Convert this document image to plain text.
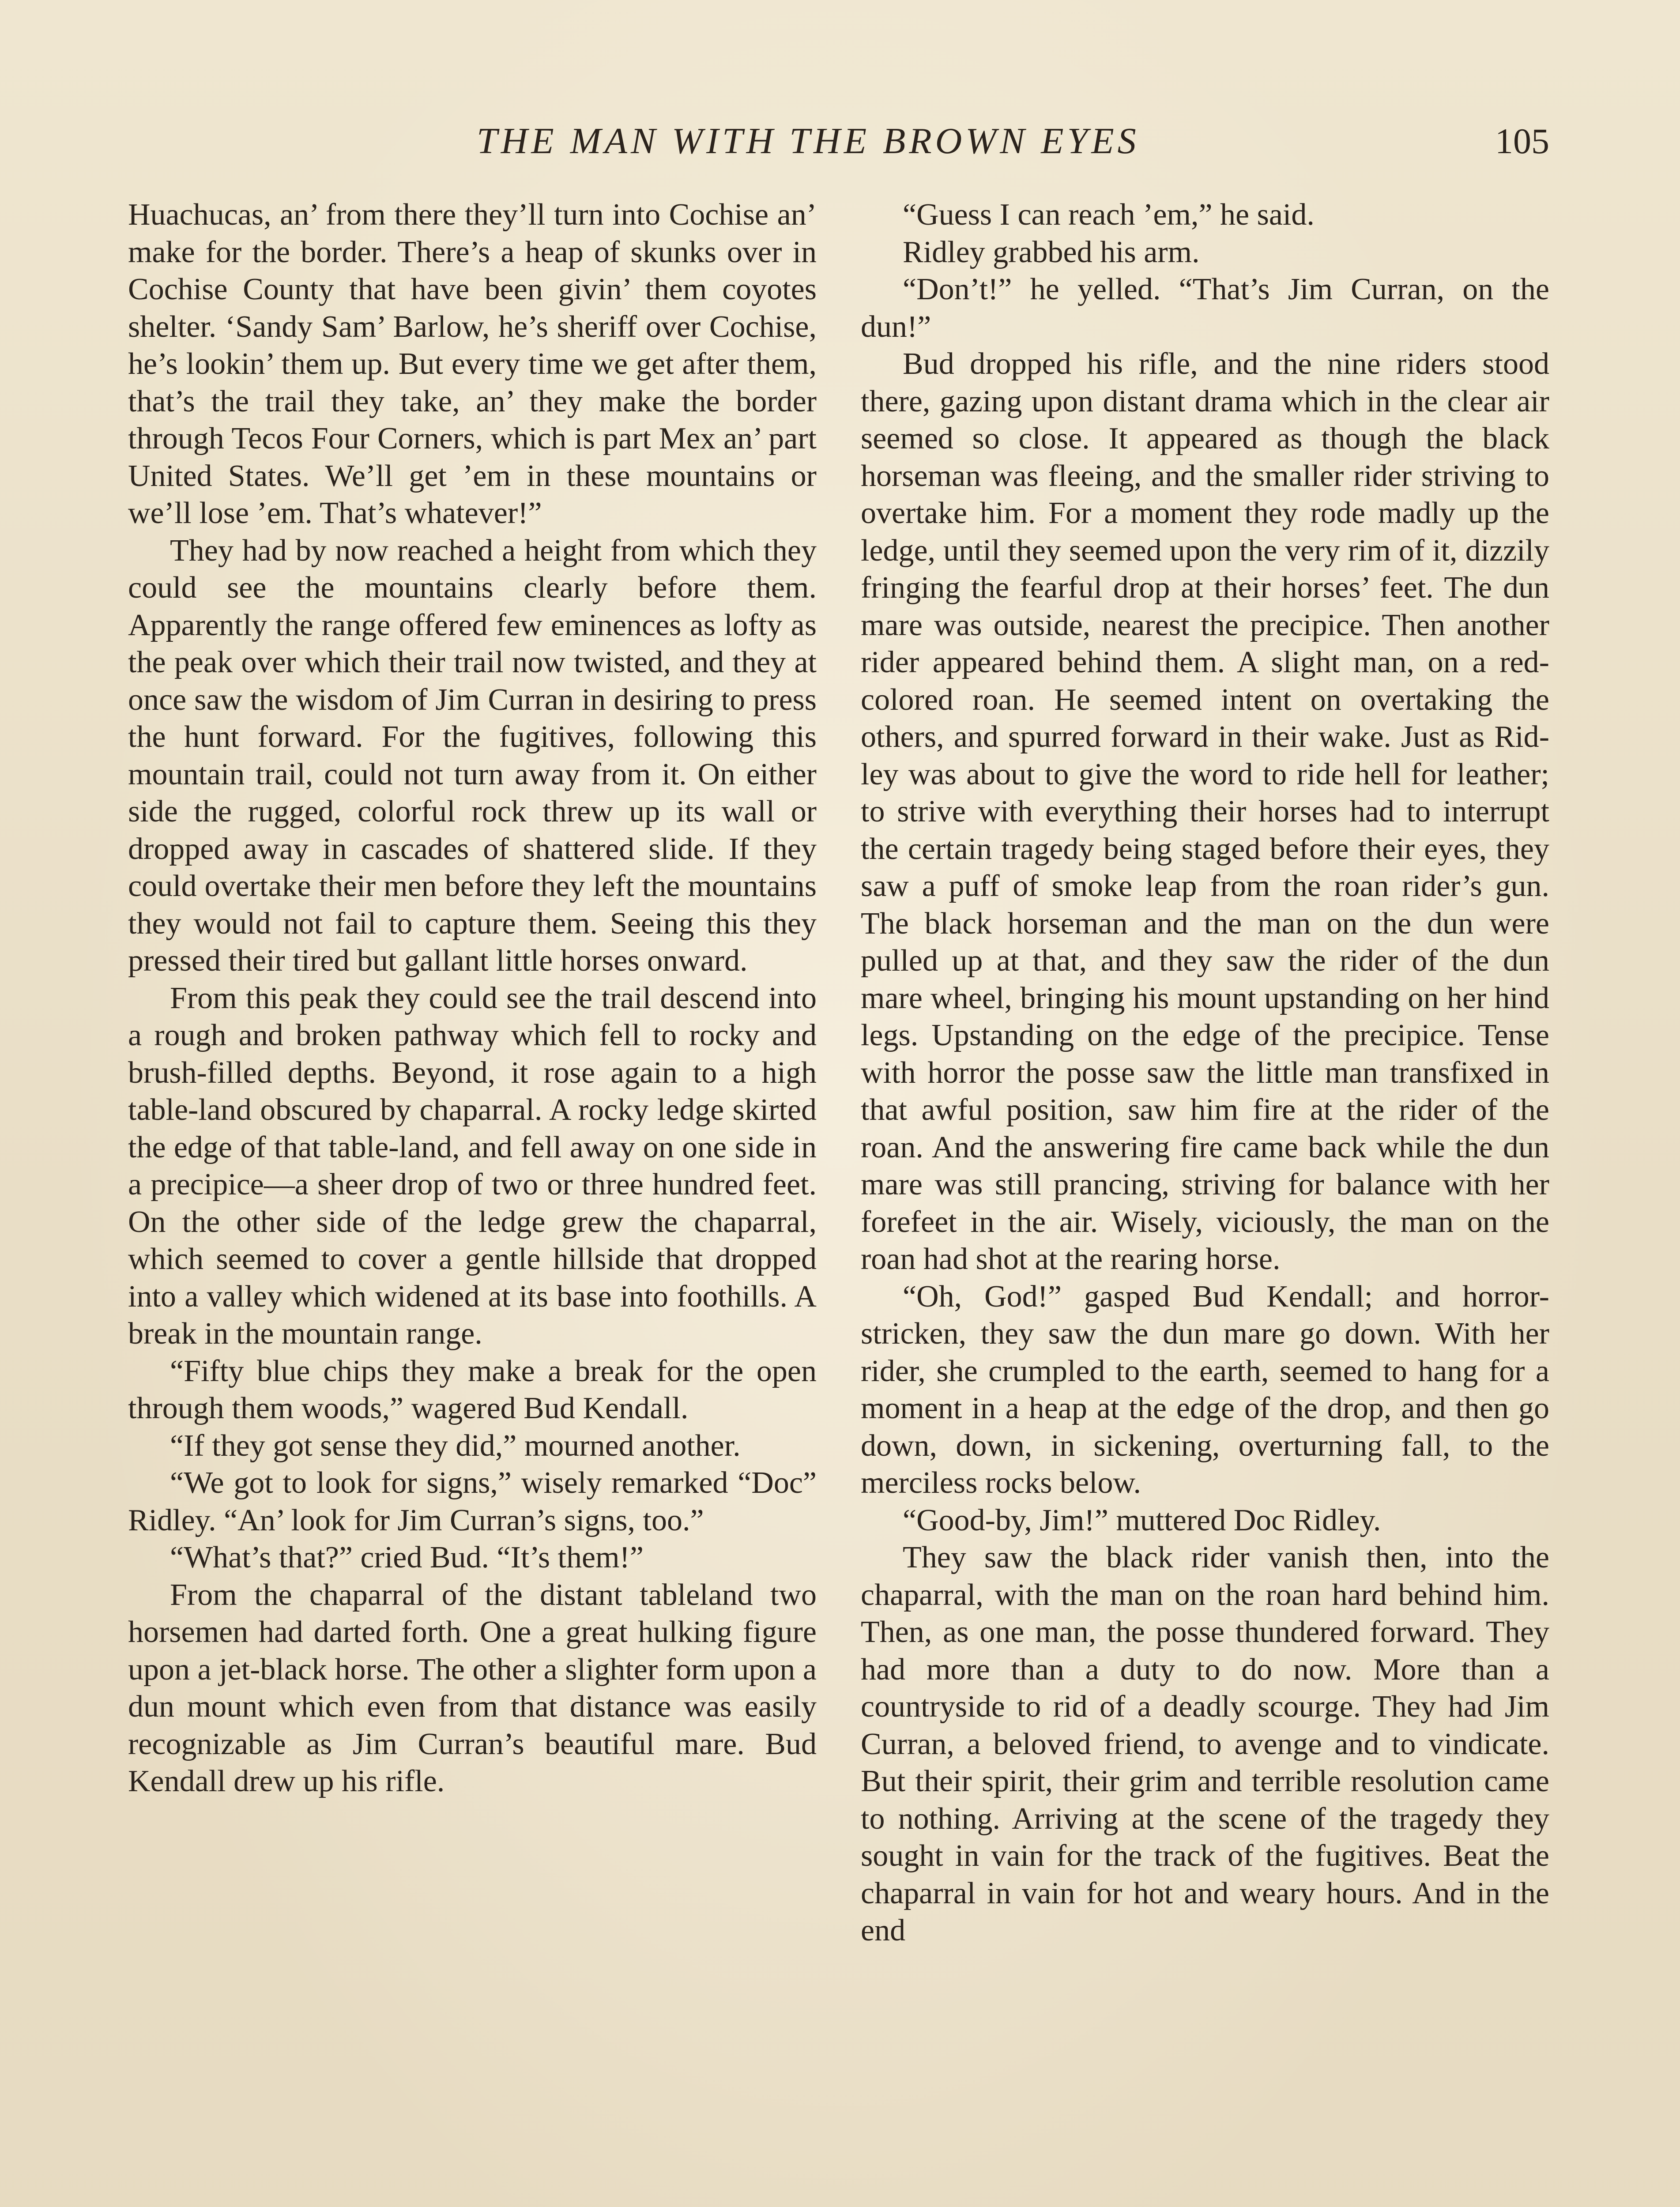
THE MAN WITH THE BROWN EYES	105

Huachucas, an’ from there they’ll turn into Cochise an’ make for the border. There’s a heap of skunks over in Cochise County that have been givin’ them coyotes shelter. ‘Sandy Sam’ Barlow, he’s sheriff over Cochise, he’s lookin’ them up. But every time we get after them, that’s the trail they take, an’ they make the border through Tecos Four Corners, which is part Mex an’ part United States. We’ll get ’em in these mountains or we’ll lose ’em. That’s whatever!”

They had by now reached a height from which they could see the mountains clearly before them. Apparently the range offered few eminences as lofty as the peak over which their trail now twisted, and they at once saw the wisdom of Jim Curran in desiring to press the hunt forward. For the fugitives, following this mountain trail, could not turn away from it. On either side the rugged, colorful rock threw up its wall or dropped away in cascades of shattered slide. If they could overtake their men before they left the mountains they would not fail to capture them. Seeing this they pressed their tired but gallant little horses onward.

From this peak they could see the trail descend into a rough and broken pathway which fell to rocky and brush-filled depths. Beyond, it rose again to a high table-land obscured by chaparral. A rocky ledge skirted the edge of that table-land, and fell away on one side in a precipice—a sheer drop of two or three hundred feet. On the other side of the ledge grew the chaparral, which seemed to cover a gentle hillside that dropped into a valley which widened at its base into foothills. A break in the mountain range.

“Fifty blue chips they make a break for the open through them woods,” wagered Bud Kendall.

“If they got sense they did,” mourned another.

“We got to look for signs,” wisely remarked “Doc” Ridley. “An’ look for Jim Curran’s signs, too.”

“What’s that?” cried Bud. “It’s them!”

From the chaparral of the distant tableland two horsemen had darted forth. One a great hulking figure upon a jet-black horse. The other a slighter form upon a dun mount which even from that distance was easily recognizable as Jim Curran’s beautiful mare. Bud Kendall drew up his rifle.

“Guess I can reach ’em,” he said.

Ridley grabbed his arm.

“Don’t!” he yelled. “That’s Jim Curran, on the dun!”

Bud dropped his rifle, and the nine riders stood there, gazing upon distant drama which in the clear air seemed so close. It appeared as though the black horseman was fleeing, and the smaller rider striving to overtake him. For a moment they rode madly up the ledge, until they seemed upon the very rim of it, dizzily fringing the fearful drop at their horses’ feet. The dun mare was outside, nearest the precipice. Then another rider appeared behind them. A slight man, on a red-colored roan. He seemed intent on overtaking the others, and spurred forward in their wake. Just as Ridley was about to give the word to ride hell for leather; to strive with everything their horses had to interrupt the certain tragedy being staged before their eyes, they saw a puff of smoke leap from the roan rider’s gun. The black horseman and the man on the dun were pulled up at that, and they saw the rider of the dun mare wheel, bringing his mount upstanding on her hind legs. Upstanding on the edge of the precipice. Tense with horror the posse saw the little man transfixed in that awful position, saw him fire at the rider of the roan. And the answering fire came back while the dun mare was still prancing, striving for balance with her forefeet in the air. Wisely, viciously, the man on the roan had shot at the rearing horse.

“Oh, God!” gasped Bud Kendall; and horror-stricken, they saw the dun mare go down. With her rider, she crumpled to the earth, seemed to hang for a moment in a heap at the edge of the drop, and then go down, down, in sickening, overturning fall, to the merciless rocks below.

“Good-by, Jim!” muttered Doc Ridley.

They saw the black rider vanish then, into the chaparral, with the man on the roan hard behind him. Then, as one man, the posse thundered forward. They had more than a duty to do now. More than a countryside to rid of a deadly scourge. They had Jim Curran, a beloved friend, to avenge and to vindicate. But their spirit, their grim and terrible resolution came to nothing. Arriving at the scene of the tragedy they sought in vain for the track of the fugitives. Beat the chaparral in vain for hot and weary hours. And in the end
